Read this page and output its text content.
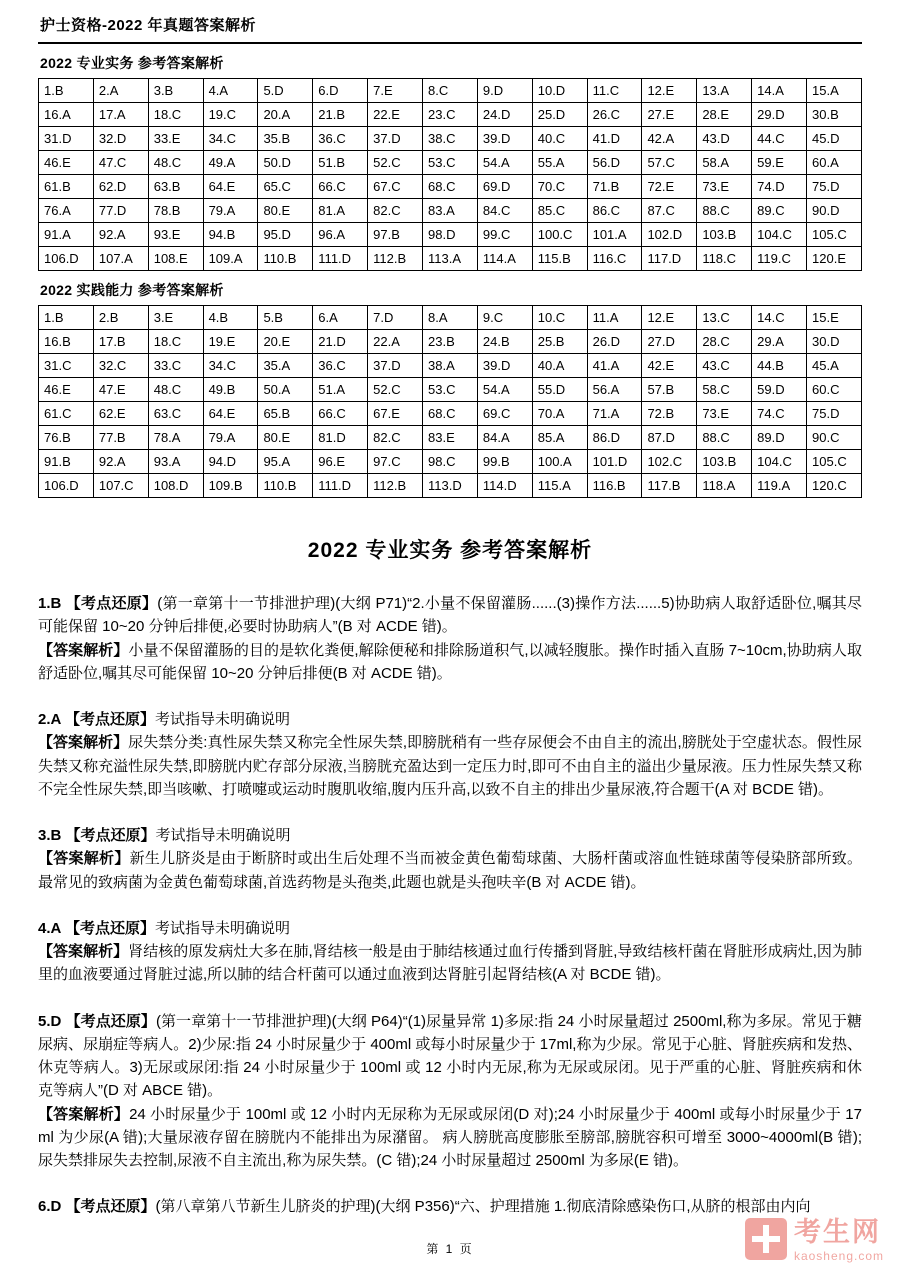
护士资格-2022 年真题答案解析
2022 专业实务 参考答案解析
1.B	2.A	3.B	4.A	5.D	6.D	7.E	8.C	9.D	10.D	11.C	12.E	13.A	14.A	15.A
16.A	17.A	18.C	19.C	20.A	21.B	22.E	23.C	24.D	25.D	26.C	27.E	28.E	29.D	30.B
31.D	32.D	33.E	34.C	35.B	36.C	37.D	38.C	39.D	40.C	41.D	42.A	43.D	44.C	45.D
46.E	47.C	48.C	49.A	50.D	51.B	52.C	53.C	54.A	55.A	56.D	57.C	58.A	59.E	60.A
61.B	62.D	63.B	64.E	65.C	66.C	67.C	68.C	69.D	70.C	71.B	72.E	73.E	74.D	75.D
76.A	77.D	78.B	79.A	80.E	81.A	82.C	83.A	84.C	85.C	86.C	87.C	88.C	89.C	90.D
91.A	92.A	93.E	94.B	95.D	96.A	97.B	98.D	99.C	100.C	101.A	102.D	103.B	104.C	105.C
106.D	107.A	108.E	109.A	110.B	111.D	112.B	113.A	114.A	115.B	116.C	117.D	118.C	119.C	120.E
2022 实践能力 参考答案解析
1.B	2.B	3.E	4.B	5.B	6.A	7.D	8.A	9.C	10.C	11.A	12.E	13.C	14.C	15.E
16.B	17.B	18.C	19.E	20.E	21.D	22.A	23.B	24.B	25.B	26.D	27.D	28.C	29.A	30.D
31.C	32.C	33.C	34.C	35.A	36.C	37.D	38.A	39.D	40.A	41.A	42.E	43.C	44.B	45.A
46.E	47.E	48.C	49.B	50.A	51.A	52.C	53.C	54.A	55.D	56.A	57.B	58.C	59.D	60.C
61.C	62.E	63.C	64.E	65.B	66.C	67.E	68.C	69.C	70.A	71.A	72.B	73.E	74.C	75.D
76.B	77.B	78.A	79.A	80.E	81.D	82.C	83.E	84.A	85.A	86.D	87.D	88.C	89.D	90.C
91.B	92.A	93.A	94.D	95.A	96.E	97.C	98.C	99.B	100.A	101.D	102.C	103.B	104.C	105.C
106.D	107.C	108.D	109.B	110.B	111.D	112.B	113.D	114.D	115.A	116.B	117.B	118.A	119.A	120.C
2022 专业实务 参考答案解析

1.B 【考点还原】(第一章第十一节排泄护理)(大纲 P71)“2.小量不保留灌肠......(3)操作方法......5)协助病人取舒适卧位,嘱其尽可能保留 10~20 分钟后排便,必要时协助病人”(B 对 ACDE 错)。

【答案解析】小量不保留灌肠的目的是软化粪便,解除便秘和排除肠道积气,以减轻腹胀。操作时插入直肠 7~10cm,协助病人取舒适卧位,嘱其尽可能保留 10~20 分钟后排便(B 对 ACDE 错)。

2.A 【考点还原】考试指导未明确说明

【答案解析】尿失禁分类:真性尿失禁又称完全性尿失禁,即膀胱稍有一些存尿便会不由自主的流出,膀胱处于空虚状态。假性尿失禁又称充溢性尿失禁,即膀胱内贮存部分尿液,当膀胱充盈达到一定压力时,即可不由自主的溢出少量尿液。压力性尿失禁又称不完全性尿失禁,即当咳嗽、打喷嚏或运动时腹肌收缩,腹内压升高,以致不自主的排出少量尿液,符合题干(A 对 BCDE 错)。

3.B 【考点还原】考试指导未明确说明

【答案解析】新生儿脐炎是由于断脐时或出生后处理不当而被金黄色葡萄球菌、大肠杆菌或溶血性链球菌等侵染脐部所致。最常见的致病菌为金黄色葡萄球菌,首选药物是头孢类,此题也就是头孢呋辛(B 对 ACDE 错)。

4.A 【考点还原】考试指导未明确说明

【答案解析】肾结核的原发病灶大多在肺,肾结核一般是由于肺结核通过血行传播到肾脏,导致结核杆菌在肾脏形成病灶,因为肺里的血液要通过肾脏过滤,所以肺的结合杆菌可以通过血液到达肾脏引起肾结核(A 对 BCDE 错)。

5.D 【考点还原】(第一章第十一节排泄护理)(大纲 P64)“(1)尿量异常 1)多尿:指 24 小时尿量超过 2500ml,称为多尿。常见于糖尿病、尿崩症等病人。2)少尿:指 24 小时尿量少于 400ml 或每小时尿量少于 17ml,称为少尿。常见于心脏、肾脏疾病和发热、休克等病人。3)无尿或尿闭:指 24 小时尿量少于 100ml 或 12 小时内无尿,称为无尿或尿闭。见于严重的心脏、肾脏疾病和休克等病人”(D 对 ABCE 错)。

【答案解析】24 小时尿量少于 100ml 或 12 小时内无尿称为无尿或尿闭(D 对);24 小时尿量少于 400ml 或每小时尿量少于 17ml 为少尿(A 错);大量尿液存留在膀胱内不能排出为尿潴留。 病人膀胱高度膨胀至膀部,膀胱容积可增至 3000~4000ml(B 错);尿失禁排尿失去控制,尿液不自主流出,称为尿失禁。(C 错);24 小时尿量超过 2500ml 为多尿(E 错)。

6.D 【考点还原】(第八章第八节新生儿脐炎的护理)(大纲 P356)“六、护理措施 1.彻底清除感染伤口,从脐的根部由内向

第 1 页
考生网
kaosheng.com
